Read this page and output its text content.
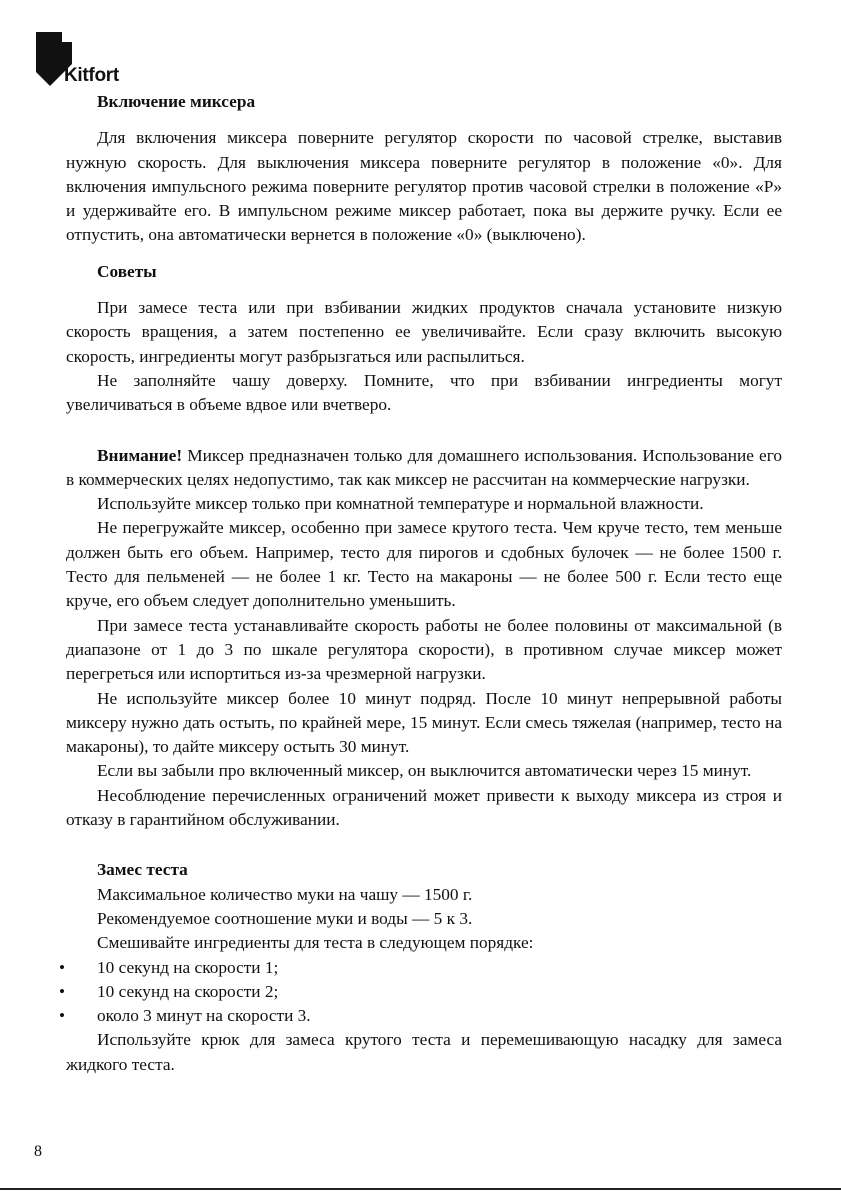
Kitfort
Включение миксера

Для включения миксера поверните регулятор скорости по часовой стрелке, выставив нужную скорость. Для выключения миксера поверните регулятор в положение «0». Для включения импульсного режима поверните регулятор против часовой стрелки в положение «P» и удерживайте его. В импульсном режиме миксер работает, пока вы держите ручку. Если ее отпустить, она автоматически вернется в положение «0» (выключено).

Советы

При замесе теста или при взбивании жидких продуктов сначала установите низкую скорость вращения, а затем постепенно ее увеличивайте. Если сразу включить высокую скорость, ингредиенты могут разбрызгаться или распылиться.

Не заполняйте чашу доверху. Помните, что при взбивании ингредиенты могут увеличиваться в объеме вдвое или вчетверо.

Внимание! Миксер предназначен только для домашнего использования. Использование его в коммерческих целях недопустимо, так как миксер не рассчитан на коммерческие нагрузки.

Используйте миксер только при комнатной температуре и нормальной влажности.

Не перегружайте миксер, особенно при замесе крутого теста. Чем круче тесто, тем меньше должен быть его объем. Например, тесто для пирогов и сдобных булочек — не более 1500 г. Тесто для пельменей — не более 1 кг. Тесто на макароны — не более 500 г. Если тесто еще круче, его объем следует дополнительно уменьшить.

При замесе теста устанавливайте скорость работы не более половины от максимальной (в диапазоне от 1 до 3 по шкале регулятора скорости), в противном случае миксер может перегреться или испортиться из-за чрезмерной нагрузки.

Не используйте миксер более 10 минут подряд. После 10 минут непрерывной работы миксеру нужно дать остыть, по крайней мере, 15 минут. Если смесь тяжелая (например, тесто на макароны), то дайте миксеру остыть 30 минут.

Если вы забыли про включенный миксер, он выключится автоматически через 15 минут.

Несоблюдение перечисленных ограничений может привести к выходу миксера из строя и отказу в гарантийном обслуживании.

Замес теста

Максимальное количество муки на чашу — 1500 г.

Рекомендуемое соотношение муки и воды — 5 к 3.

Смешивайте ингредиенты для теста в следующем порядке:

• 10 секунд на скорости 1;
• 10 секунд на скорости 2;
• около 3 минут на скорости 3.

Используйте крюк для замеса крутого теста и перемешивающую насадку для замеса жидкого теста.

8
